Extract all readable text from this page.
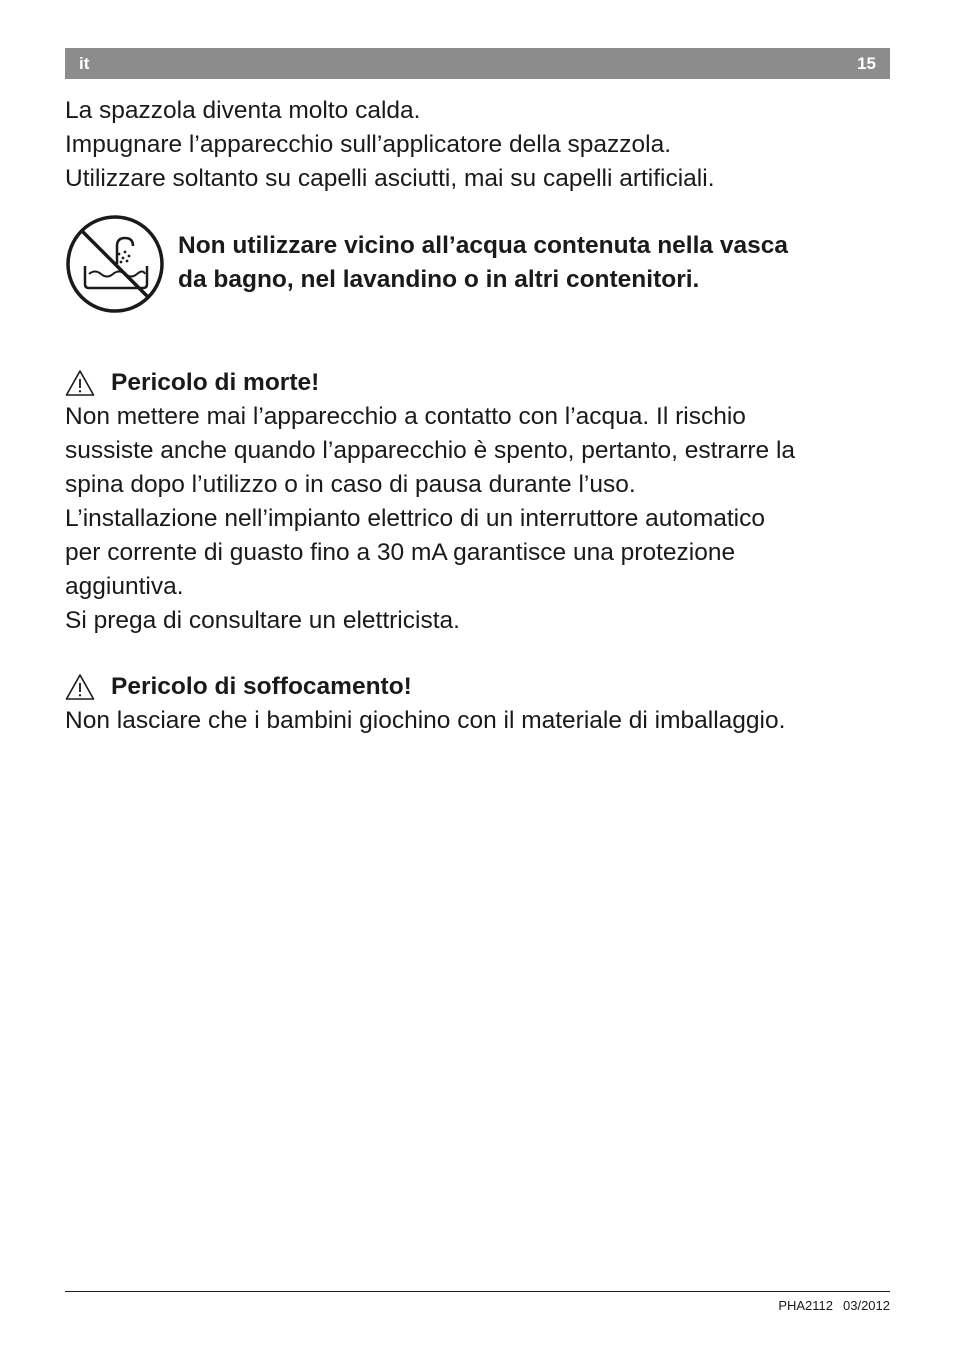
it	15
La spazzola diventa molto calda.
Impugnare l’apparecchio sull’applicatore della spazzola.
Utilizzare soltanto su capelli asciutti, mai su capelli artificiali.
Non utilizzare vicino all’acqua contenuta nella vasca
da bagno, nel lavandino o in altri contenitori.
Pericolo di morte!
Non mettere mai l’apparecchio a contatto con l’acqua. Il rischio
sussiste anche quando l’apparecchio è spento, pertanto, estrarre la
spina dopo l’utilizzo o in caso di pausa durante l’uso.
L’installazione nell’impianto elettrico di un interruttore automatico
per corrente di guasto fino a 30 mA garantisce una protezione
aggiuntiva.
Si prega di consultare un elettricista.
Pericolo di soffocamento!
Non lasciare che i bambini giochino con il materiale di imballaggio.
PHA2112 03/2012
